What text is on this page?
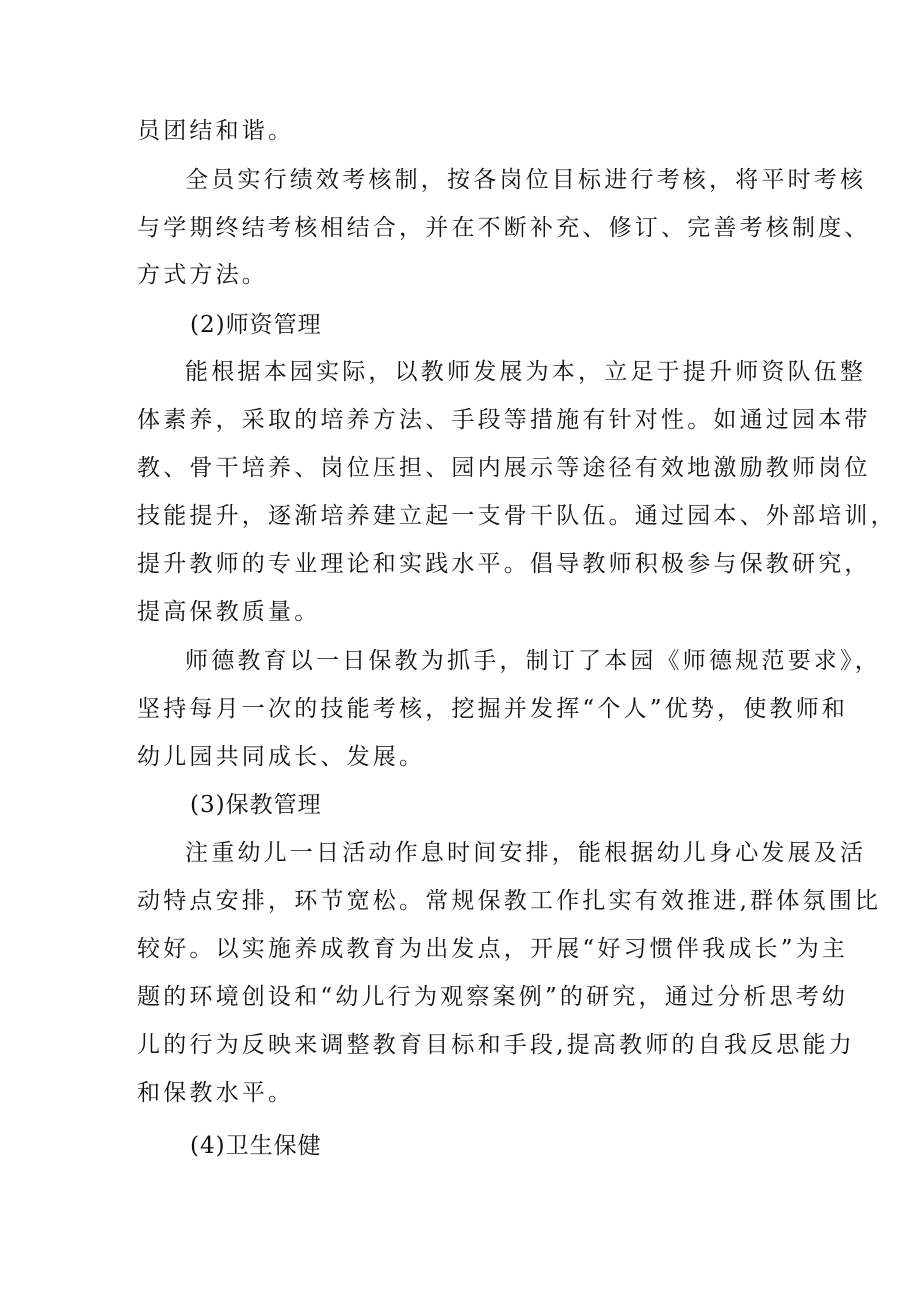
员团结和谐。
全员实行绩效考核制，按各岗位目标进行考核，将平时考核
与学期终结考核相结合，并在不断补充、修订、完善考核制度、
方式方法。
(2)师资管理
能根据本园实际，以教师发展为本，立足于提升师资队伍整
体素养，采取的培养方法、手段等措施有针对性。如通过园本带
教、骨干培养、岗位压担、园内展示等途径有效地激励教师岗位
技能提升，逐渐培养建立起一支骨干队伍。通过园本、外部培训，
提升教师的专业理论和实践水平。倡导教师积极参与保教研究，
提高保教质量。
师德教育以一日保教为抓手，制订了本园《师德规范要求》，
坚持每月一次的技能考核，挖掘并发挥“个人”优势，使教师和
幼儿园共同成长、发展。
(3)保教管理
注重幼儿一日活动作息时间安排，能根据幼儿身心发展及活
动特点安排，环节宽松。常规保教工作扎实有效推进,群体氛围比
较好。以实施养成教育为出发点，开展“好习惯伴我成长”为主
题的环境创设和“幼儿行为观察案例”的研究，通过分析思考幼
儿的行为反映来调整教育目标和手段,提高教师的自我反思能力
和保教水平。
(4)卫生保健
